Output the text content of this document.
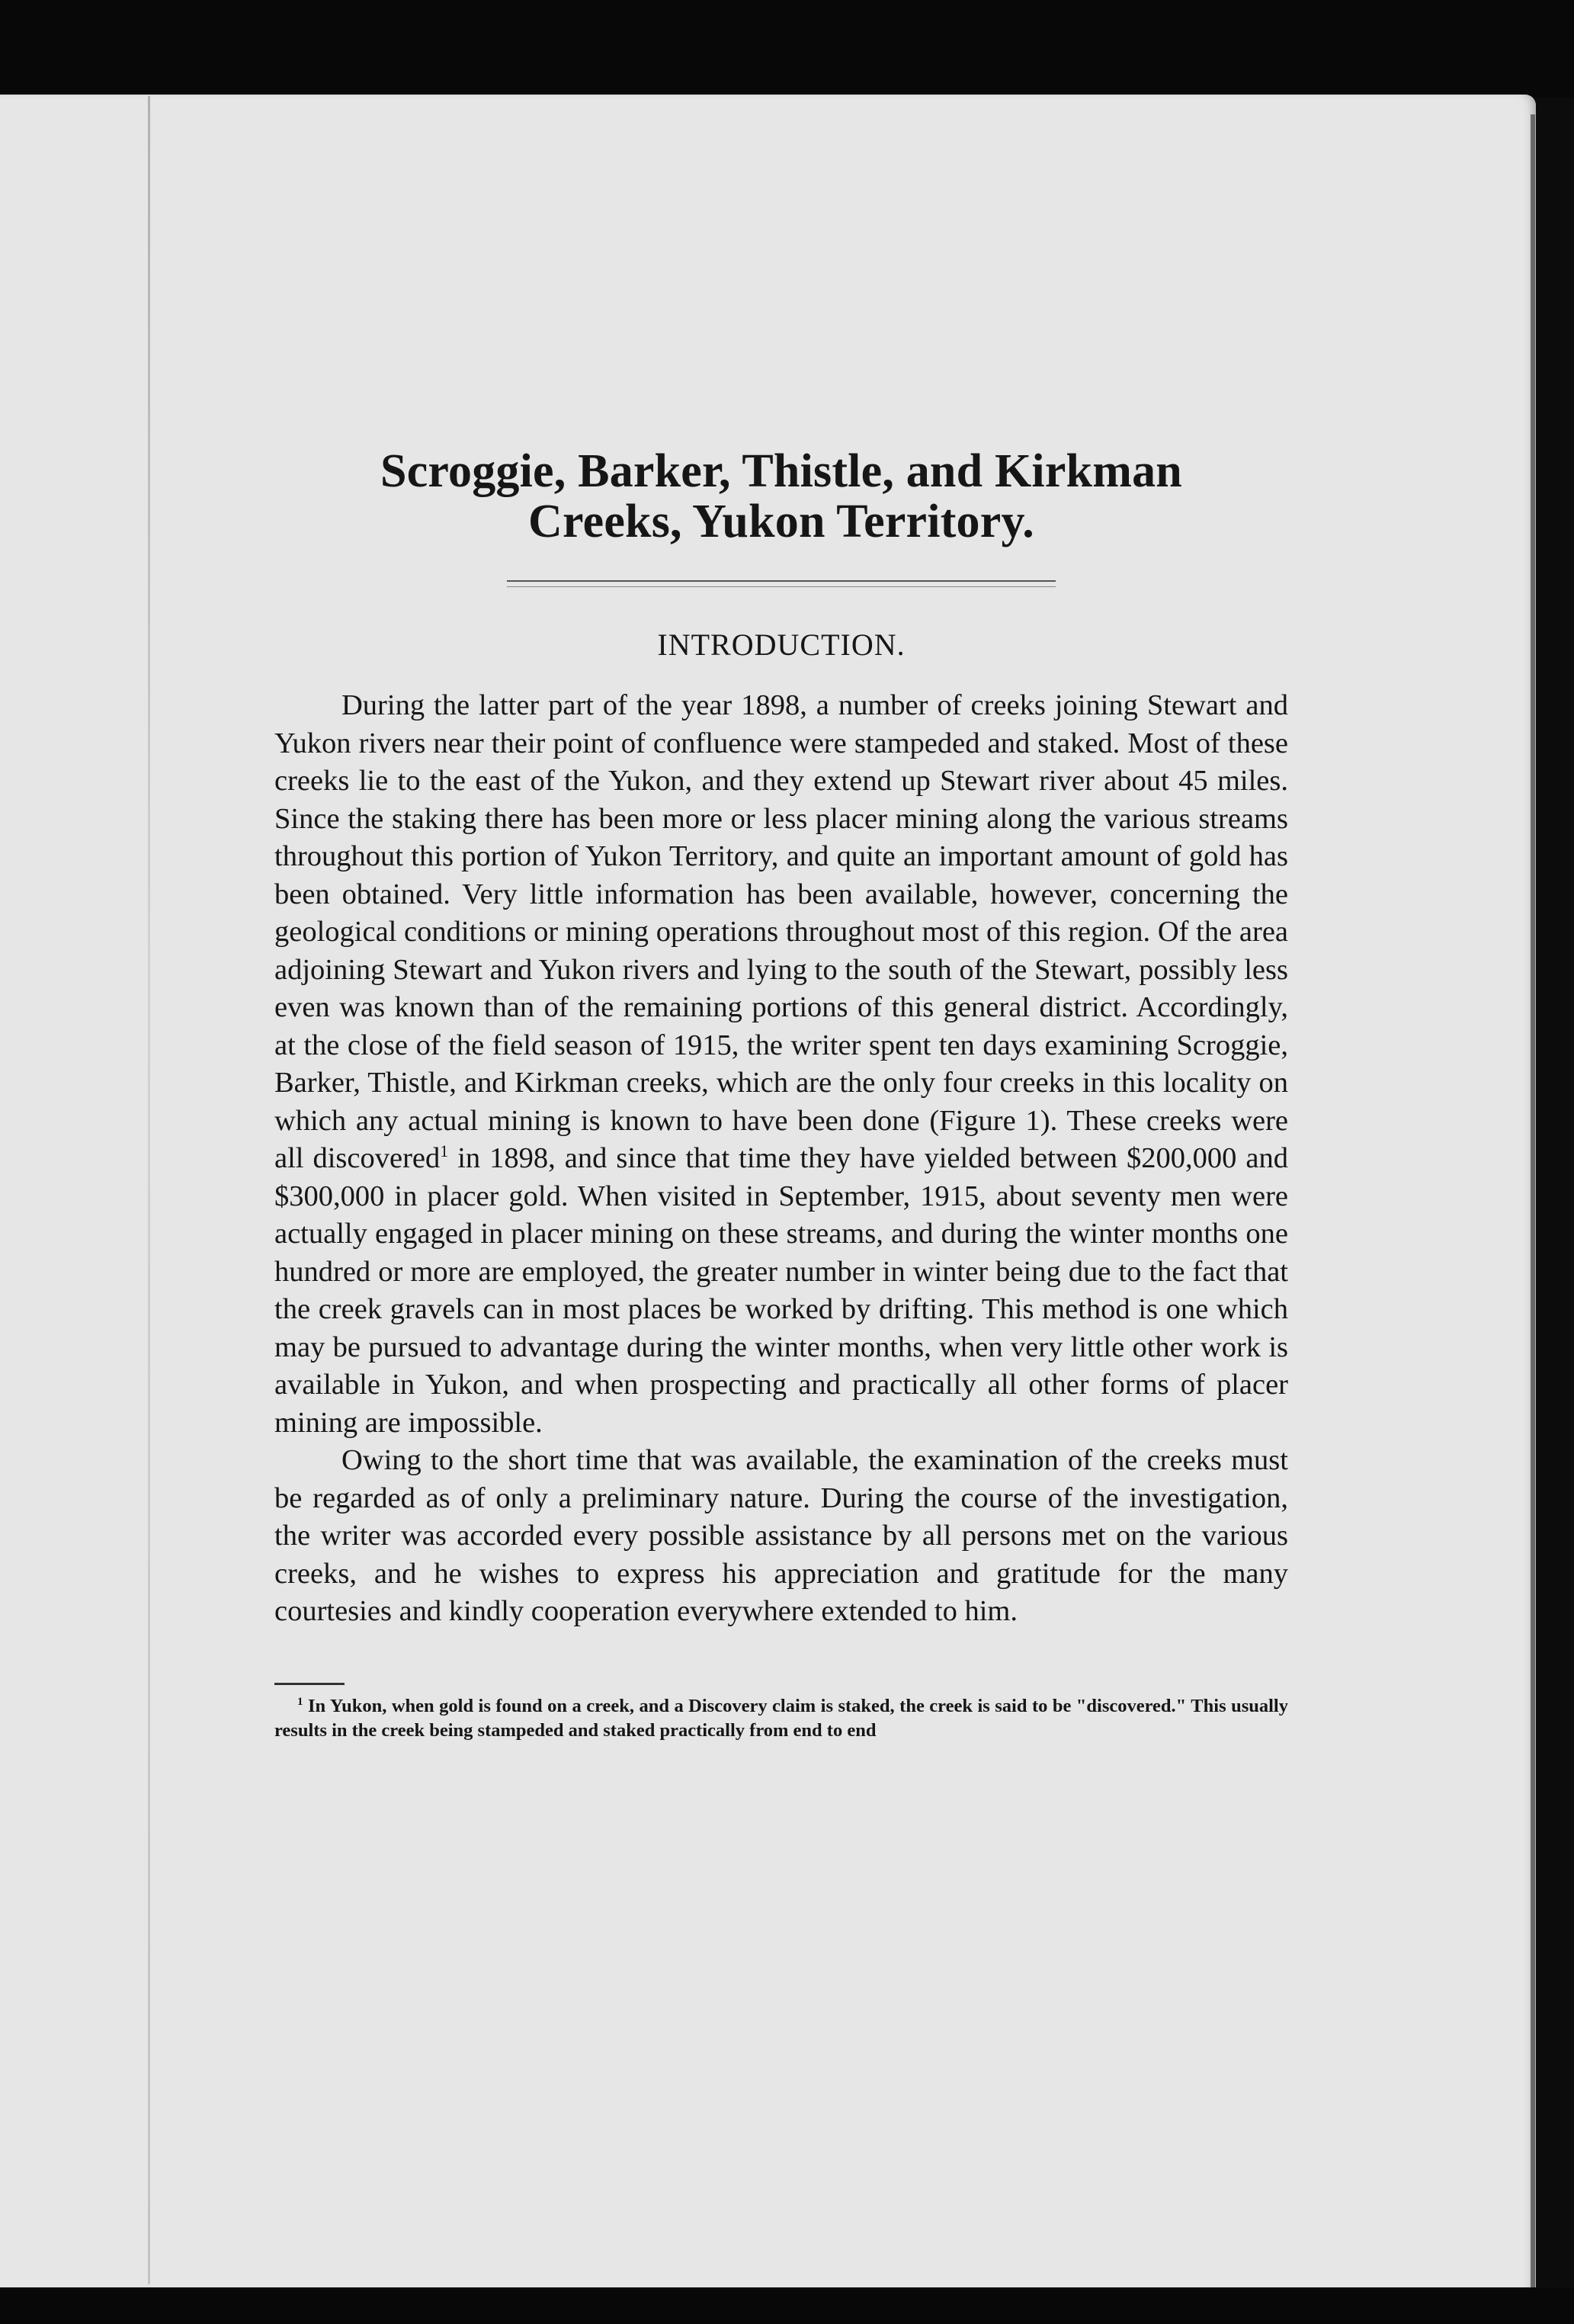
Scroggie, Barker, Thistle, and Kirkman
Creeks, Yukon Territory.
INTRODUCTION.

During the latter part of the year 1898, a number of creeks joining Stewart and Yukon rivers near their point of confluence were stampeded and staked. Most of these creeks lie to the east of the Yukon, and they extend up Stewart river about 45 miles. Since the staking there has been more or less placer mining along the various streams throughout this portion of Yukon Territory, and quite an important amount of gold has been obtained. Very little information has been available, however, concerning the geological conditions or mining operations throughout most of this region. Of the area adjoining Stewart and Yukon rivers and lying to the south of the Stewart, possibly less even was known than of the remaining portions of this general district. Accordingly, at the close of the field season of 1915, the writer spent ten days examining Scroggie, Barker, Thistle, and Kirkman creeks, which are the only four creeks in this locality on which any actual mining is known to have been done (Figure 1). These creeks were all discovered$^1$ in 1898, and since that time they have yielded between $200,000 and $300,000 in placer gold. When visited in September, 1915, about seventy men were actually engaged in placer mining on these streams, and during the winter months one hundred or more are employed, the greater number in winter being due to the fact that the creek gravels can in most places be worked by drifting. This method is one which may be pursued to advantage during the winter months, when very little other work is available in Yukon, and when prospecting and practically all other forms of placer mining are impossible.

Owing to the short time that was available, the examination of the creeks must be regarded as of only a preliminary nature. During the course of the investigation, the writer was accorded every possible assistance by all persons met on the various creeks, and he wishes to express his appreciation and gratitude for the many courtesies and kindly cooperation everywhere extended to him.

$^1$ In Yukon, when gold is found on a creek, and a Discovery claim is staked, the creek is said to be "discovered." This usually results in the creek being stampeded and staked practically from end to end
